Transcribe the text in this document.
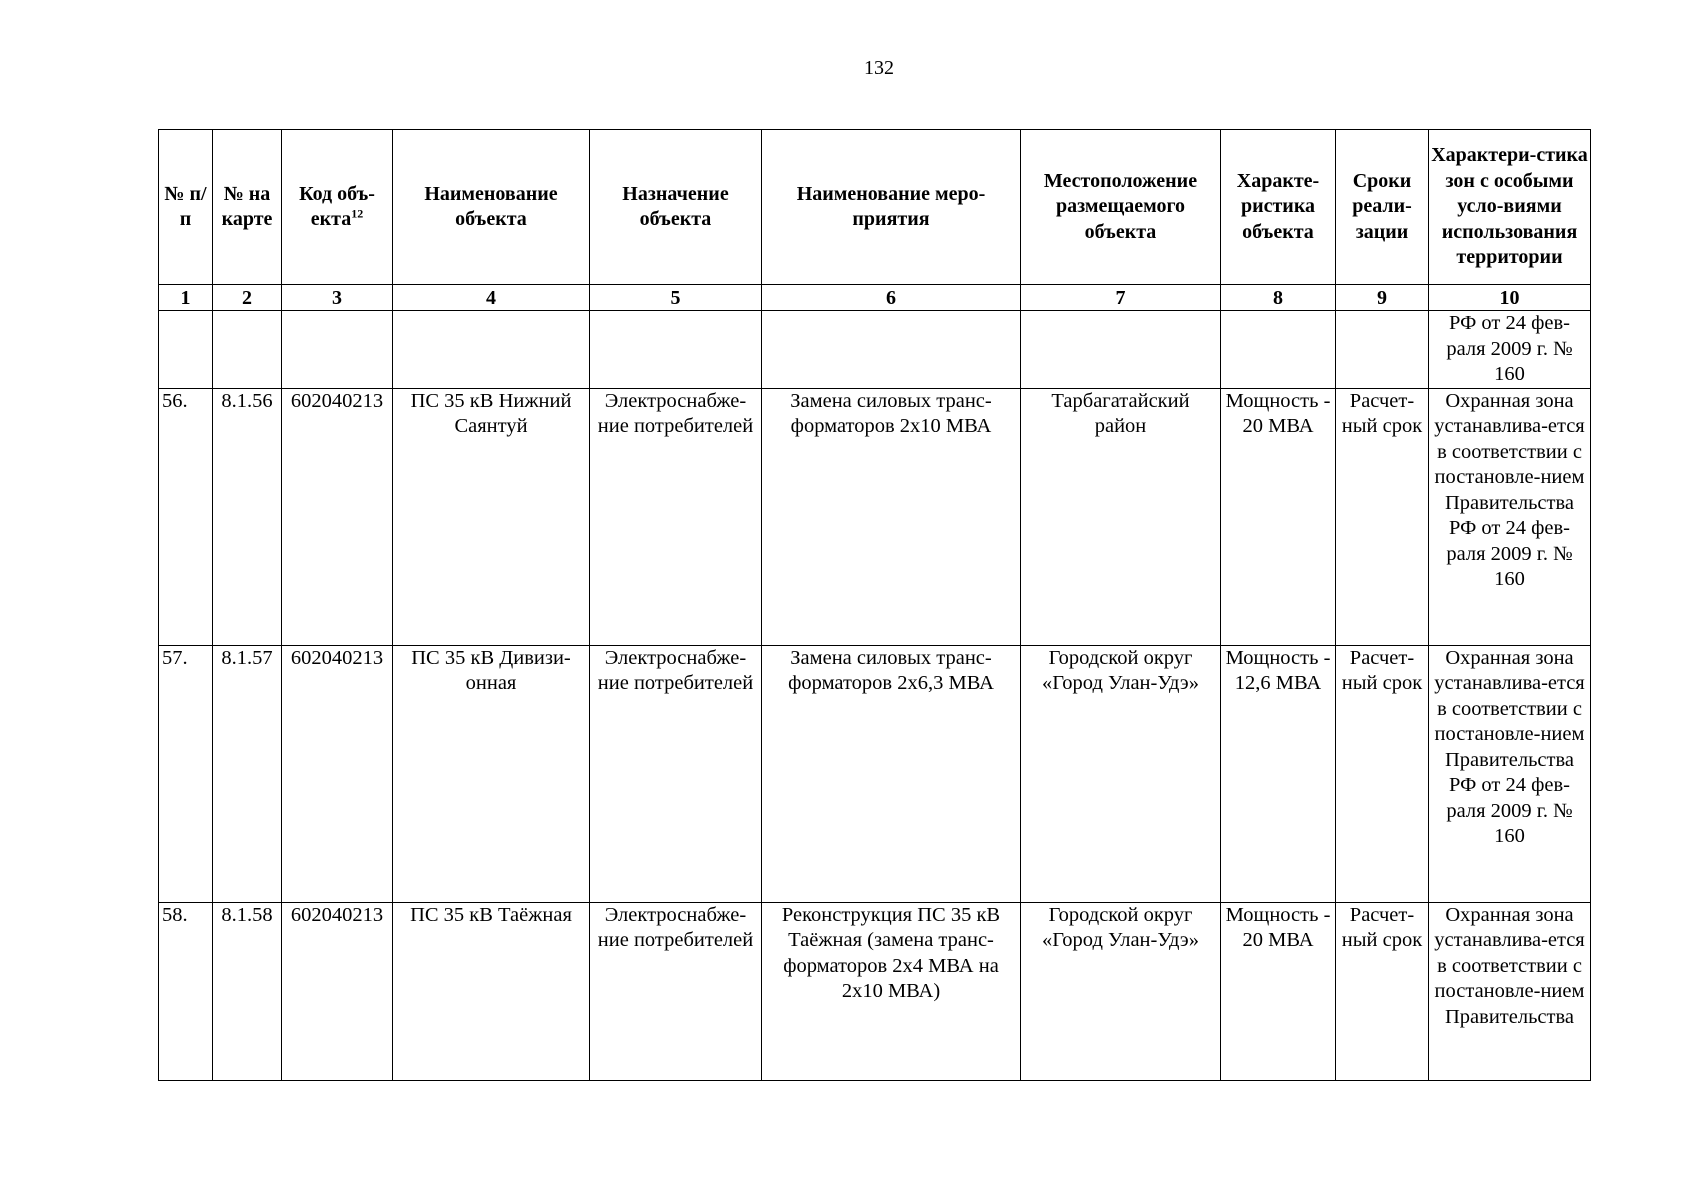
132
№ п/п	№ на карте	Код объ-екта$^{12}$	Наименование объекта	Назначение объекта	Наименование меро-приятия	Местоположение размещаемого объекта	Характе-ристика объекта	Сроки реали-зации	Характери-стика зон с особыми усло-виями использования территории
1	2	3	4	5	6	7	8	9	10
									РФ от 24 фев-раля 2009 г. № 160
56.	8.1.56	602040213	ПС 35 кВ Нижний Саянтуй	Электроснабже-ние потребителей	Замена силовых транс-форматоров 2х10 МВА	Тарбагатайский район	Мощность - 20 МВА	Расчет-ный срок	Охранная зона устанавлива-ется в соответствии с постановле-нием Правительства РФ от 24 фев-раля 2009 г. № 160
57.	8.1.57	602040213	ПС 35 кВ Дивизи-онная	Электроснабже-ние потребителей	Замена силовых транс-форматоров 2х6,3 МВА	Городской округ «Город Улан-Удэ»	Мощность - 12,6 МВА	Расчет-ный срок	Охранная зона устанавлива-ется в соответствии с постановле-нием Правительства РФ от 24 фев-раля 2009 г. № 160
58.	8.1.58	602040213	ПС 35 кВ Таёжная	Электроснабже-ние потребителей	Реконструкция ПС 35 кВ Таёжная (замена транс-форматоров 2х4 МВА на 2х10 МВА)	Городской округ «Город Улан-Удэ»	Мощность - 20 МВА	Расчет-ный срок	Охранная зона устанавлива-ется в соответствии с постановле-нием Правительства
